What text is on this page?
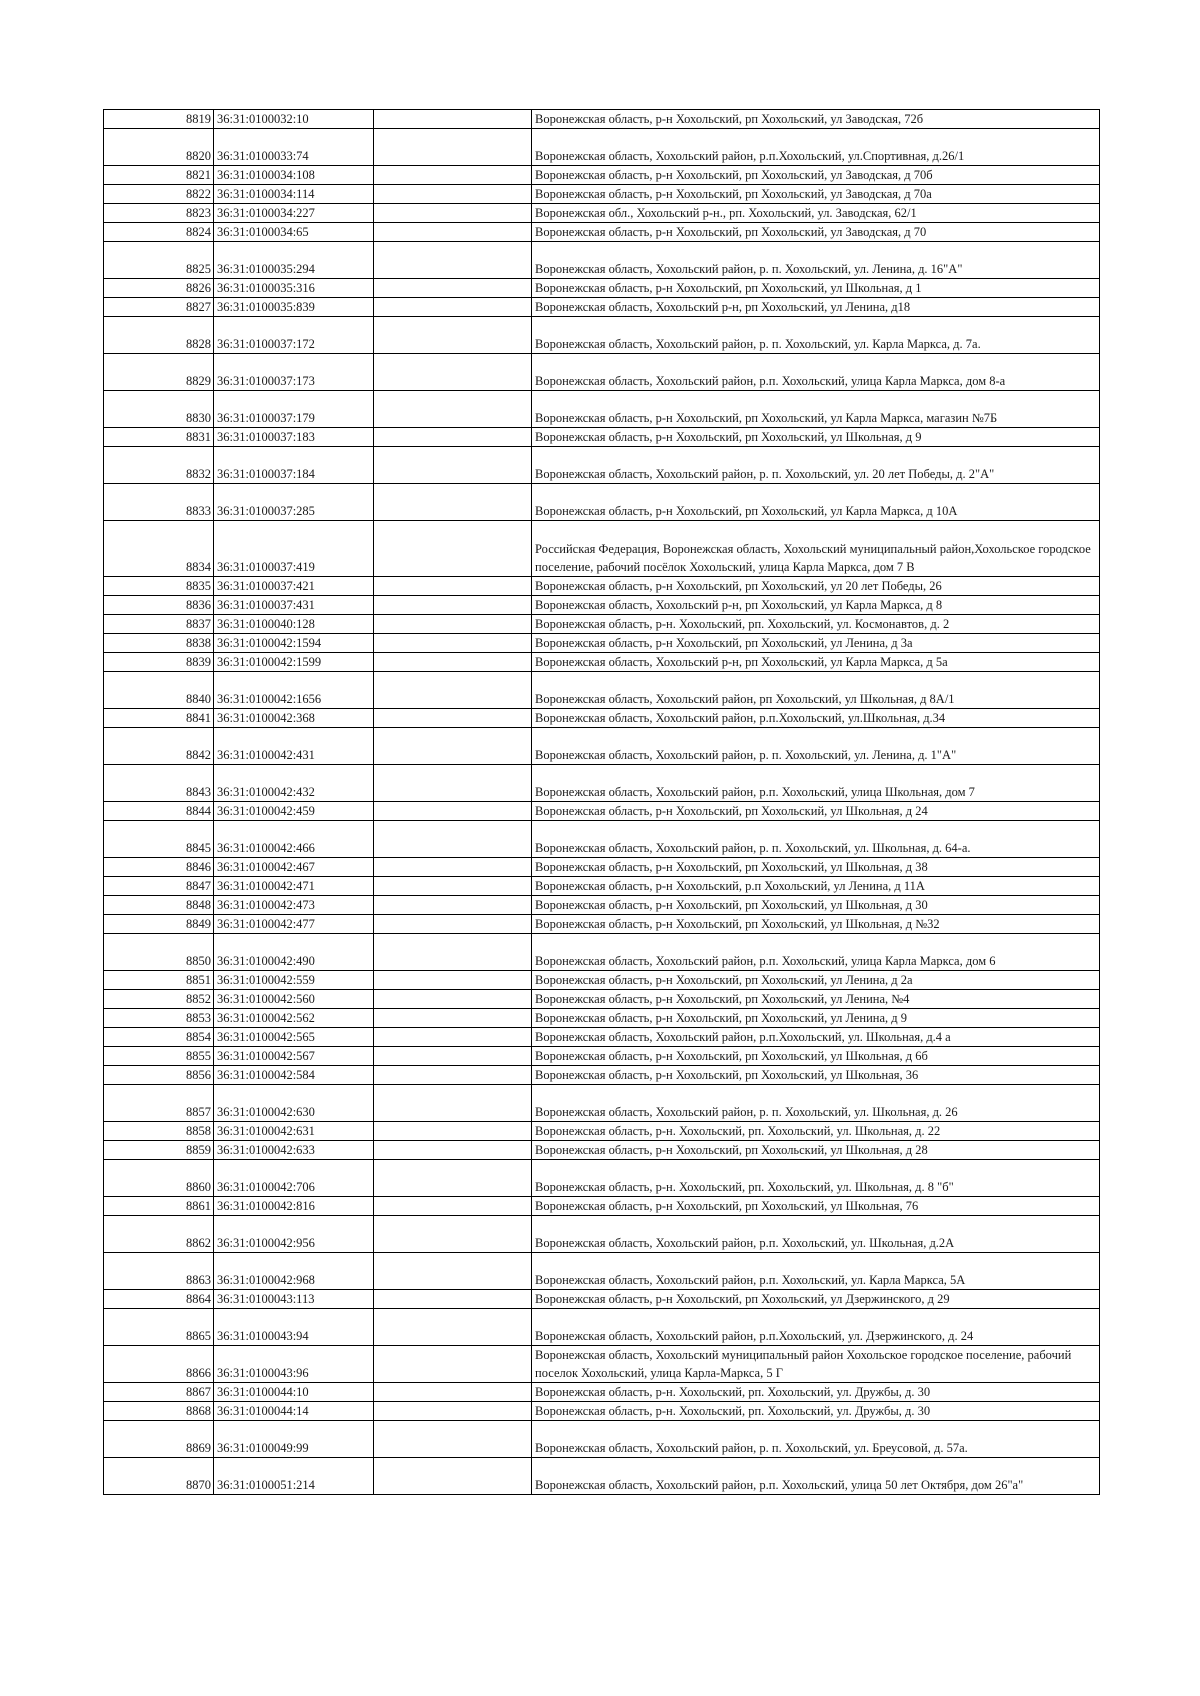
8819	36:31:0100032:10		Воронежская область, р-н Хохольский, рп Хохольский, ул Заводская, 72б
8820	36:31:0100033:74		Воронежская область, Хохольский район, р.п.Хохольский, ул.Спортивная, д.26/1
8821	36:31:0100034:108		Воронежская область, р-н Хохольский, рп Хохольский, ул Заводская, д 70б
8822	36:31:0100034:114		Воронежская область, р-н Хохольский, рп Хохольский, ул Заводская, д 70а
8823	36:31:0100034:227		Воронежская обл., Хохольский р-н., рп. Хохольский, ул. Заводская, 62/1
8824	36:31:0100034:65		Воронежская область, р-н Хохольский, рп Хохольский, ул Заводская, д 70
8825	36:31:0100035:294		Воронежская область, Хохольский район, р. п. Хохольский, ул. Ленина, д. 16"А"
8826	36:31:0100035:316		Воронежская область, р-н Хохольский, рп Хохольский, ул Школьная, д 1
8827	36:31:0100035:839		Воронежская область, Хохольский р-н, рп Хохольский, ул Ленина, д18
8828	36:31:0100037:172		Воронежская область, Хохольский район, р. п. Хохольский, ул. Карла Маркса, д. 7а.
8829	36:31:0100037:173		Воронежская область, Хохольский район, р.п. Хохольский, улица Карла Маркса, дом 8-а
8830	36:31:0100037:179		Воронежская область, р-н Хохольский, рп Хохольский, ул Карла Маркса, магазин №7Б
8831	36:31:0100037:183		Воронежская область, р-н Хохольский, рп Хохольский, ул Школьная, д 9
8832	36:31:0100037:184		Воронежская область, Хохольский район, р. п. Хохольский, ул. 20 лет Победы, д. 2"А"
8833	36:31:0100037:285		Воронежская область, р-н Хохольский, рп Хохольский, ул Карла Маркса, д 10А
8834	36:31:0100037:419		Российская Федерация, Воронежская область, Хохольский муниципальный район,Хохольское городское поселение, рабочий посёлок Хохольский, улица Карла Маркса, дом 7 В
8835	36:31:0100037:421		Воронежская область, р-н Хохольский, рп Хохольский, ул 20 лет Победы, 26
8836	36:31:0100037:431		Воронежская область, Хохольский р-н, рп Хохольский, ул Карла Маркса, д 8
8837	36:31:0100040:128		Воронежская область, р-н. Хохольский, рп. Хохольский, ул. Космонавтов, д. 2
8838	36:31:0100042:1594		Воронежская область, р-н Хохольский, рп Хохольский, ул Ленина, д 3а
8839	36:31:0100042:1599		Воронежская область, Хохольский р-н, рп Хохольский, ул Карла Маркса, д 5а
8840	36:31:0100042:1656		Воронежская область, Хохольский район, рп Хохольский, ул Школьная, д 8А/1
8841	36:31:0100042:368		Воронежская область, Хохольский район, р.п.Хохольский, ул.Школьная, д.34
8842	36:31:0100042:431		Воронежская область, Хохольский район, р. п. Хохольский, ул. Ленина, д. 1"А"
8843	36:31:0100042:432		Воронежская область, Хохольский район, р.п. Хохольский, улица Школьная, дом 7
8844	36:31:0100042:459		Воронежская область, р-н Хохольский, рп Хохольский, ул Школьная, д 24
8845	36:31:0100042:466		Воронежская область, Хохольский район, р. п. Хохольский, ул. Школьная, д. 64-а.
8846	36:31:0100042:467		Воронежская область, р-н Хохольский, рп Хохольский, ул Школьная, д 38
8847	36:31:0100042:471		Воронежская область, р-н Хохольский, р.п Хохольский, ул Ленина, д 11А
8848	36:31:0100042:473		Воронежская область, р-н Хохольский, рп Хохольский, ул Школьная, д 30
8849	36:31:0100042:477		Воронежская область, р-н Хохольский, рп Хохольский, ул Школьная, д №32
8850	36:31:0100042:490		Воронежская область, Хохольский район, р.п. Хохольский, улица Карла Маркса, дом 6
8851	36:31:0100042:559		Воронежская область, р-н Хохольский, рп Хохольский, ул Ленина, д 2а
8852	36:31:0100042:560		Воронежская область, р-н Хохольский, рп Хохольский, ул Ленина, №4
8853	36:31:0100042:562		Воронежская область, р-н Хохольский, рп Хохольский, ул Ленина, д 9
8854	36:31:0100042:565		Воронежская область, Хохольский район, р.п.Хохольский, ул. Школьная, д.4 а
8855	36:31:0100042:567		Воронежская область, р-н Хохольский, рп Хохольский, ул Школьная, д 6б
8856	36:31:0100042:584		Воронежская область, р-н Хохольский, рп Хохольский, ул Школьная, 36
8857	36:31:0100042:630		Воронежская область, Хохольский район, р. п. Хохольский, ул. Школьная, д. 26
8858	36:31:0100042:631		Воронежская область, р-н. Хохольский, рп. Хохольский, ул. Школьная, д. 22
8859	36:31:0100042:633		Воронежская область, р-н Хохольский, рп Хохольский, ул Школьная, д 28
8860	36:31:0100042:706		Воронежская область, р-н. Хохольский, рп. Хохольский, ул. Школьная, д. 8 "б"
8861	36:31:0100042:816		Воронежская область, р-н Хохольский, рп Хохольский, ул Школьная, 76
8862	36:31:0100042:956		Воронежская область, Хохольский район, р.п. Хохольский, ул. Школьная, д.2А
8863	36:31:0100042:968		Воронежская область, Хохольский район, р.п. Хохольский, ул. Карла Маркса, 5А
8864	36:31:0100043:113		Воронежская область, р-н Хохольский, рп Хохольский, ул Дзержинского, д 29
8865	36:31:0100043:94		Воронежская область, Хохольский район, р.п.Хохольский, ул. Дзержинского, д. 24
8866	36:31:0100043:96		Воронежская область, Хохольский муниципальный район Хохольское городское поселение, рабочий поселок Хохольский, улица Карла-Маркса, 5 Г
8867	36:31:0100044:10		Воронежская область, р-н. Хохольский, рп. Хохольский, ул. Дружбы, д. 30
8868	36:31:0100044:14		Воронежская область, р-н. Хохольский, рп. Хохольский, ул. Дружбы, д. 30
8869	36:31:0100049:99		Воронежская область, Хохольский район, р. п. Хохольский, ул. Бреусовой, д. 57а.
8870	36:31:0100051:214		Воронежская область, Хохольский район, р.п. Хохольский, улица 50 лет Октября, дом 26"а"
